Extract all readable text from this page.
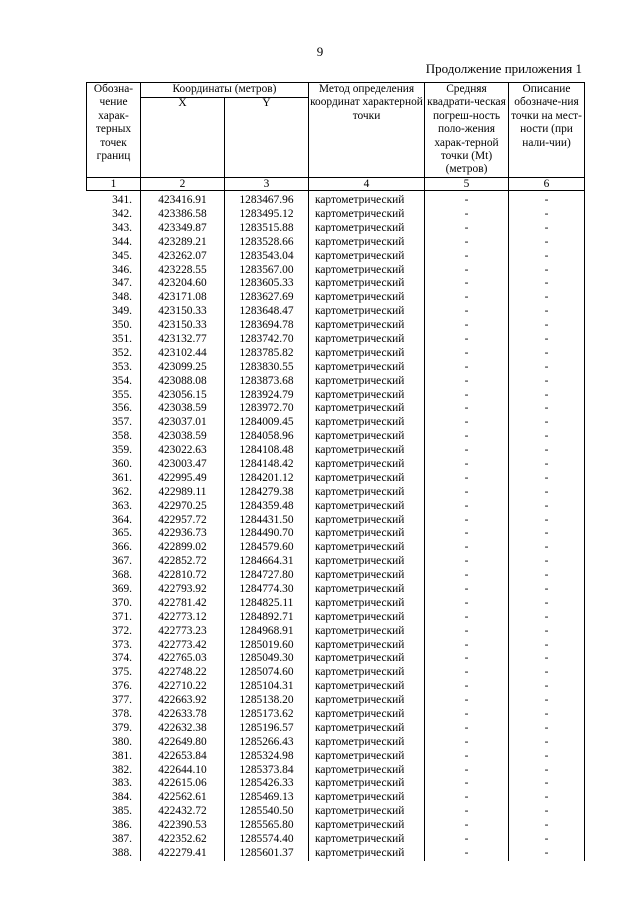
9
Продолжение приложения 1
Обозна-чение харак-терных точек границ	Координаты (метров)		Метод определения координат характерной точки	Средняя квадрати-ческая погреш-ность поло-жения харак-терной точки (Mt) (метров)	Описание обозначе-ния точки на мест-ности (при нали-чии)
	X	Y			
1	2	3	4	5	6
341.	423416.91	1283467.96	картометрический	-	-
342.	423386.58	1283495.12	картометрический	-	-
343.	423349.87	1283515.88	картометрический	-	-
344.	423289.21	1283528.66	картометрический	-	-
345.	423262.07	1283543.04	картометрический	-	-
346.	423228.55	1283567.00	картометрический	-	-
347.	423204.60	1283605.33	картометрический	-	-
348.	423171.08	1283627.69	картометрический	-	-
349.	423150.33	1283648.47	картометрический	-	-
350.	423150.33	1283694.78	картометрический	-	-
351.	423132.77	1283742.70	картометрический	-	-
352.	423102.44	1283785.82	картометрический	-	-
353.	423099.25	1283830.55	картометрический	-	-
354.	423088.08	1283873.68	картометрический	-	-
355.	423056.15	1283924.79	картометрический	-	-
356.	423038.59	1283972.70	картометрический	-	-
357.	423037.01	1284009.45	картометрический	-	-
358.	423038.59	1284058.96	картометрический	-	-
359.	423022.63	1284108.48	картометрический	-	-
360.	423003.47	1284148.42	картометрический	-	-
361.	422995.49	1284201.12	картометрический	-	-
362.	422989.11	1284279.38	картометрический	-	-
363.	422970.25	1284359.48	картометрический	-	-
364.	422957.72	1284431.50	картометрический	-	-
365.	422936.73	1284490.70	картометрический	-	-
366.	422899.02	1284579.60	картометрический	-	-
367.	422852.72	1284664.31	картометрический	-	-
368.	422810.72	1284727.80	картометрический	-	-
369.	422793.92	1284774.30	картометрический	-	-
370.	422781.42	1284825.11	картометрический	-	-
371.	422773.12	1284892.71	картометрический	-	-
372.	422773.23	1284968.91	картометрический	-	-
373.	422773.42	1285019.60	картометрический	-	-
374.	422765.03	1285049.30	картометрический	-	-
375.	422748.22	1285074.60	картометрический	-	-
376.	422710.22	1285104.31	картометрический	-	-
377.	422663.92	1285138.20	картометрический	-	-
378.	422633.78	1285173.62	картометрический	-	-
379.	422632.38	1285196.57	картометрический	-	-
380.	422649.80	1285266.43	картометрический	-	-
381.	422653.84	1285324.98	картометрический	-	-
382.	422644.10	1285373.84	картометрический	-	-
383.	422615.06	1285426.33	картометрический	-	-
384.	422562.61	1285469.13	картометрический	-	-
385.	422432.72	1285540.50	картометрический	-	-
386.	422390.53	1285565.80	картометрический	-	-
387.	422352.62	1285574.40	картометрический	-	-
388.	422279.41	1285601.37	картометрический	-	-
